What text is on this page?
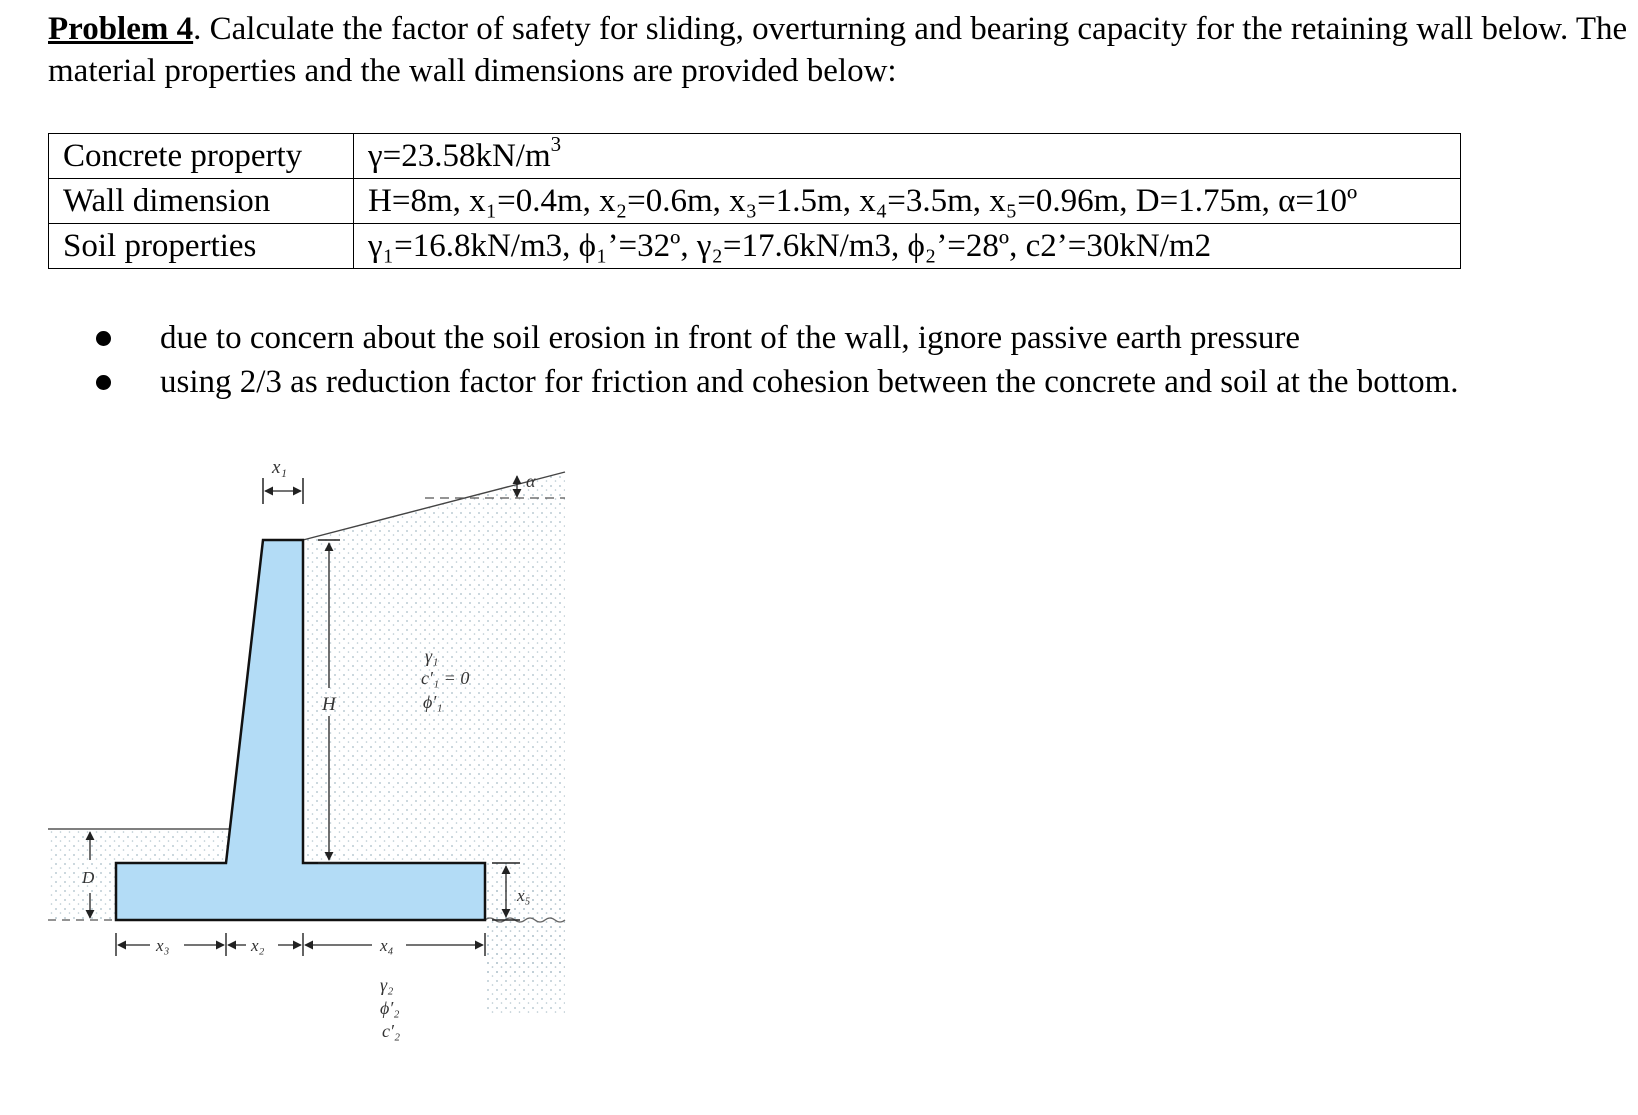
Problem 4. Calculate the factor of safety for sliding, overturning and bearing capacity for the retaining wall below. The material properties and the wall dimensions are provided below:
Concrete property	$\gamma=23.58kN/m^3$
Wall dimension	H=8m, x₁=0.4m, x₂=0.6m, x₃=1.5m, x₄=3.5m, x₅=0.96m, D=1.75m, α=10º
Soil properties	γ₁=16.8kN/m3, ϕ₁’=32º, γ₂=17.6kN/m3, ϕ₂’=28º, c2’=30kN/m2
due to concern about the soil erosion in front of the wall, ignore passive earth pressure
using 2/3 as reduction factor for friction and cohesion between the concrete and soil at the bottom.
x₁
H
α
γ₁
c′₁ = 0
ϕ′₁
D
x₅
x₃	x₂	x₄
γ₂
ϕ′₂
c′₂
